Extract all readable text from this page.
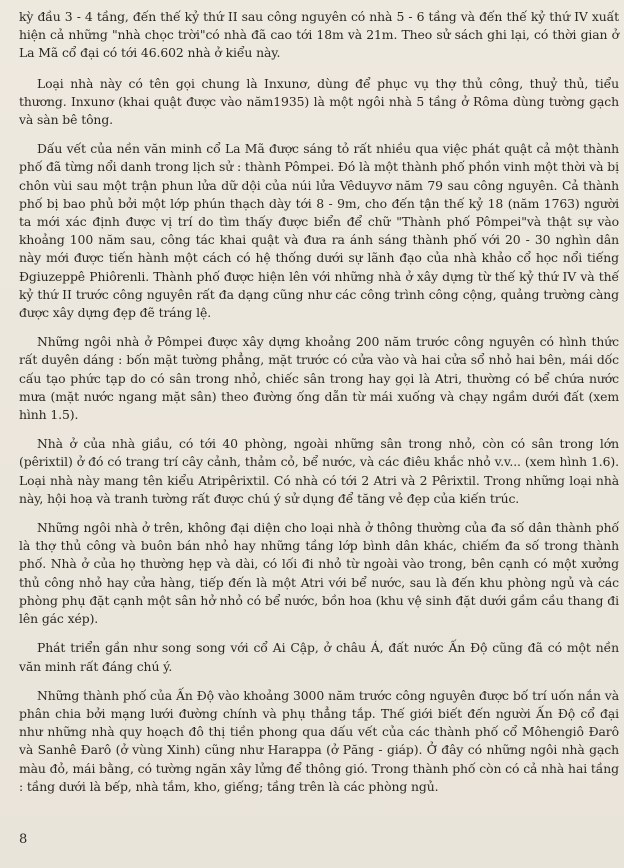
kỳ đầu 3 - 4 tầng, đến thế kỷ thứ II sau công nguyên có nhà 5 - 6 tầng và đến thế kỷ thứ IV xuất hiện cả những "nhà chọc trời"có nhà đã cao tới 18m và 21m. Theo sử sách ghi lại, có thời gian ở La Mã cổ đại có tới 46.602 nhà ở kiểu này.

Loại nhà này có tên gọi chung là Inxunơ, dùng để phục vụ thợ thủ công, thuỷ thủ, tiểu thương. Inxunơ (khai quật được vào năm1935) là một ngôi nhà 5 tầng ở Rôma dùng tường gạch và sàn bê tông.

Dấu vết của nền văn minh cổ La Mã được sáng tỏ rất nhiều qua việc phát quật cả một thành phố đã từng nổi danh trong lịch sử : thành Pômpei. Đó là một thành phố phồn vinh một thời và bị chôn vùi sau một trận phun lửa dữ dội của núi lửa Vêduyvơ năm 79 sau công nguyên. Cả thành phố bị bao phủ bởi một lớp phún thạch dày tới 8 - 9m, cho đến tận thế kỷ 18 (năm 1763) người ta mới xác định được vị trí do tìm thấy được biển để chữ "Thành phố Pômpei"và thật sự vào khoảng 100 năm sau, công tác khai quật và đưa ra ánh sáng thành phố với 20 - 30 nghìn dân này mới được tiến hành một cách có hệ thống dưới sự lãnh đạo của nhà khảo cổ học nổi tiếng Đgiuzeppê Phiôrenli. Thành phố được hiện lên với những nhà ở xây dựng từ thế kỷ thứ IV và thế kỷ thứ II trước công nguyên rất đa dạng cũng như các công trình công cộng, quảng trường càng được xây dựng đẹp đẽ tráng lệ.

Những ngôi nhà ở Pômpei được xây dựng khoảng 200 năm trước công nguyên có hình thức rất duyên dáng : bốn mặt tường phẳng, mặt trước có cửa vào và hai cửa sổ nhỏ hai bên, mái dốc cấu tạo phức tạp do có sân trong nhỏ, chiếc sân trong hay gọi là Atri, thường có bể chứa nước mưa (mặt nước ngang mặt sân) theo đường ống dẫn từ mái xuống và chạy ngầm dưới đất (xem hình 1.5).

Nhà ở của nhà giầu, có tới 40 phòng, ngoài những sân trong nhỏ, còn có sân trong lớn (pêrixtil) ở đó có trang trí cây cảnh, thảm cỏ, bể nước, và các điêu khắc nhỏ v.v... (xem hình 1.6). Loại nhà này mang tên kiểu Atripêrixtil. Có nhà có tới 2 Atri và 2 Pêrixtil. Trong những loại nhà này, hội hoạ và tranh tường rất được chú ý sử dụng để tăng vẻ đẹp của kiến trúc.

Những ngôi nhà ở trên, không đại diện cho loại nhà ở thông thường của đa số dân thành phố là thợ thủ công và buôn bán nhỏ hay những tầng lớp bình dân khác, chiếm đa số trong thành phố. Nhà ở của họ thường hẹp và dài, có lối đi nhỏ từ ngoài vào trong, bên cạnh có một xưởng thủ công nhỏ hay cửa hàng, tiếp đến là một Atri với bể nước, sau là đến khu phòng ngủ và các phòng phụ đặt cạnh một sân hở nhỏ có bể nước, bồn hoa (khu vệ sinh đặt dưới gầm cầu thang đi lên gác xép).

Phát triển gần như song song với cổ Ai Cập, ở châu Á, đất nước Ấn Độ cũng đã có một nền văn minh rất đáng chú ý.

Những thành phố của Ấn Độ vào khoảng 3000 năm trước công nguyên được bố trí uốn nắn và phân chia bởi mạng lưới đường chính và phụ thẳng tắp. Thế giới biết đến người Ấn Độ cổ đại như những nhà quy hoạch đô thị tiền phong qua dấu vết của các thành phố cổ Môhengiô Đarô và Sanhê Đarô (ở vùng Xinh) cũng như Harappa (ở Păng - giáp). Ở đây có những ngôi nhà gạch màu đỏ, mái bằng, có tường ngăn xây lửng để thông gió. Trong thành phố còn có cả nhà hai tầng : tầng dưới là bếp, nhà tắm, kho, giếng; tầng trên là các phòng ngủ.

8
